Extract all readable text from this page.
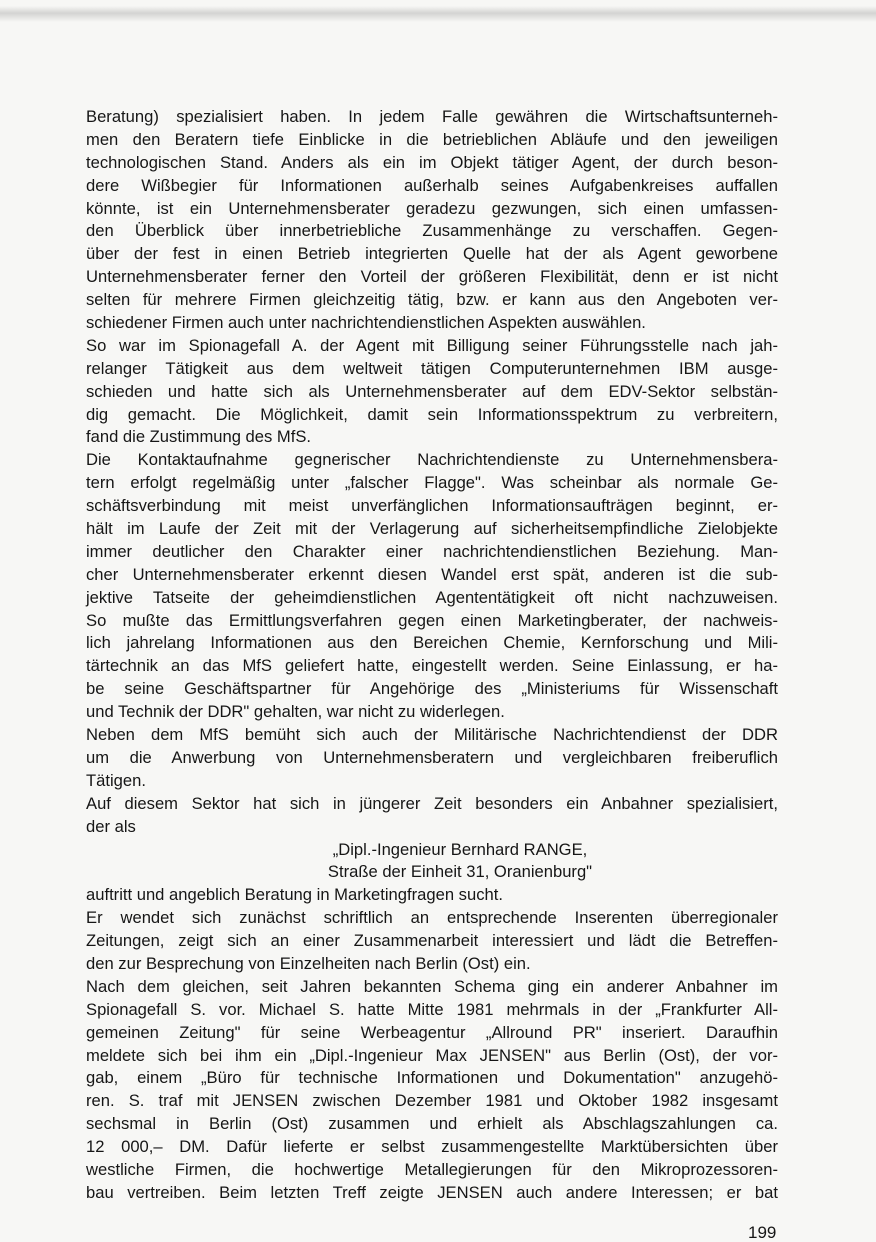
Beratung) spezialisiert haben. In jedem Falle gewähren die Wirtschaftsunterneh-
men den Beratern tiefe Einblicke in die betrieblichen Abläufe und den jeweiligen
technologischen Stand. Anders als ein im Objekt tätiger Agent, der durch beson-
dere Wißbegier für Informationen außerhalb seines Aufgabenkreises auffallen
könnte, ist ein Unternehmensberater geradezu gezwungen, sich einen umfassen-
den Überblick über innerbetriebliche Zusammenhänge zu verschaffen. Gegen-
über der fest in einen Betrieb integrierten Quelle hat der als Agent geworbene
Unternehmensberater ferner den Vorteil der größeren Flexibilität, denn er ist nicht
selten für mehrere Firmen gleichzeitig tätig, bzw. er kann aus den Angeboten ver-
schiedener Firmen auch unter nachrichtendienstlichen Aspekten auswählen.
So war im Spionagefall A. der Agent mit Billigung seiner Führungsstelle nach jah-
relanger Tätigkeit aus dem weltweit tätigen Computerunternehmen IBM ausge-
schieden und hatte sich als Unternehmensberater auf dem EDV-Sektor selbstän-
dig gemacht. Die Möglichkeit, damit sein Informationsspektrum zu verbreitern,
fand die Zustimmung des MfS.
Die Kontaktaufnahme gegnerischer Nachrichtendienste zu Unternehmensbera-
tern erfolgt regelmäßig unter „falscher Flagge". Was scheinbar als normale Ge-
schäftsverbindung mit meist unverfänglichen Informationsaufträgen beginnt, er-
hält im Laufe der Zeit mit der Verlagerung auf sicherheitsempfindliche Zielobjekte
immer deutlicher den Charakter einer nachrichtendienstlichen Beziehung. Man-
cher Unternehmensberater erkennt diesen Wandel erst spät, anderen ist die sub-
jektive Tatseite der geheimdienstlichen Agententätigkeit oft nicht nachzuweisen.
So mußte das Ermittlungsverfahren gegen einen Marketingberater, der nachweis-
lich jahrelang Informationen aus den Bereichen Chemie, Kernforschung und Mili-
tärtechnik an das MfS geliefert hatte, eingestellt werden. Seine Einlassung, er ha-
be seine Geschäftspartner für Angehörige des „Ministeriums für Wissenschaft
und Technik der DDR" gehalten, war nicht zu widerlegen.
Neben dem MfS bemüht sich auch der Militärische Nachrichtendienst der DDR
um die Anwerbung von Unternehmensberatern und vergleichbaren freiberuflich
Tätigen.
Auf diesem Sektor hat sich in jüngerer Zeit besonders ein Anbahner spezialisiert,
der als
„Dipl.-Ingenieur Bernhard RANGE,
Straße der Einheit 31, Oranienburg"
auftritt und angeblich Beratung in Marketingfragen sucht.
Er wendet sich zunächst schriftlich an entsprechende Inserenten überregionaler
Zeitungen, zeigt sich an einer Zusammenarbeit interessiert und lädt die Betreffen-
den zur Besprechung von Einzelheiten nach Berlin (Ost) ein.
Nach dem gleichen, seit Jahren bekannten Schema ging ein anderer Anbahner im
Spionagefall S. vor. Michael S. hatte Mitte 1981 mehrmals in der „Frankfurter All-
gemeinen Zeitung" für seine Werbeagentur „Allround PR" inseriert. Daraufhin
meldete sich bei ihm ein „Dipl.-Ingenieur Max JENSEN" aus Berlin (Ost), der vor-
gab, einem „Büro für technische Informationen und Dokumentation" anzugehö-
ren. S. traf mit JENSEN zwischen Dezember 1981 und Oktober 1982 insgesamt
sechsmal in Berlin (Ost) zusammen und erhielt als Abschlagszahlungen ca.
12 000,– DM. Dafür lieferte er selbst zusammengestellte Marktübersichten über
westliche Firmen, die hochwertige Metallegierungen für den Mikroprozessoren-
bau vertreiben. Beim letzten Treff zeigte JENSEN auch andere Interessen; er bat
199
